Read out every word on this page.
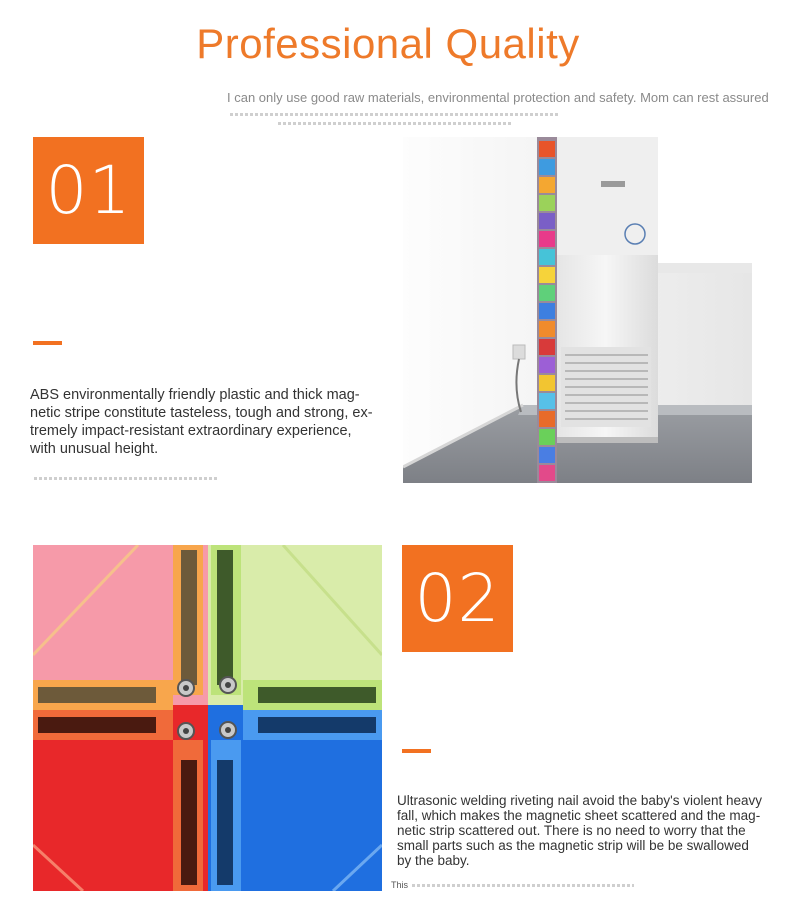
Professional Quality
I can only use good raw materials, environmental protection and safety. Mom can rest assured
01
ABS environmentally friendly plastic and thick mag-
netic stripe constitute tasteless, tough and strong, ex-
tremely impact-resistant extraordinary experience,
with unusual height.
02
Ultrasonic welding riveting nail avoid the baby's violent heavy
fall, which makes the magnetic sheet scattered and the mag-
netic strip scattered out. There is no need to worry that the
small parts such as the magnetic strip will be be swallowed
by the baby.
This
